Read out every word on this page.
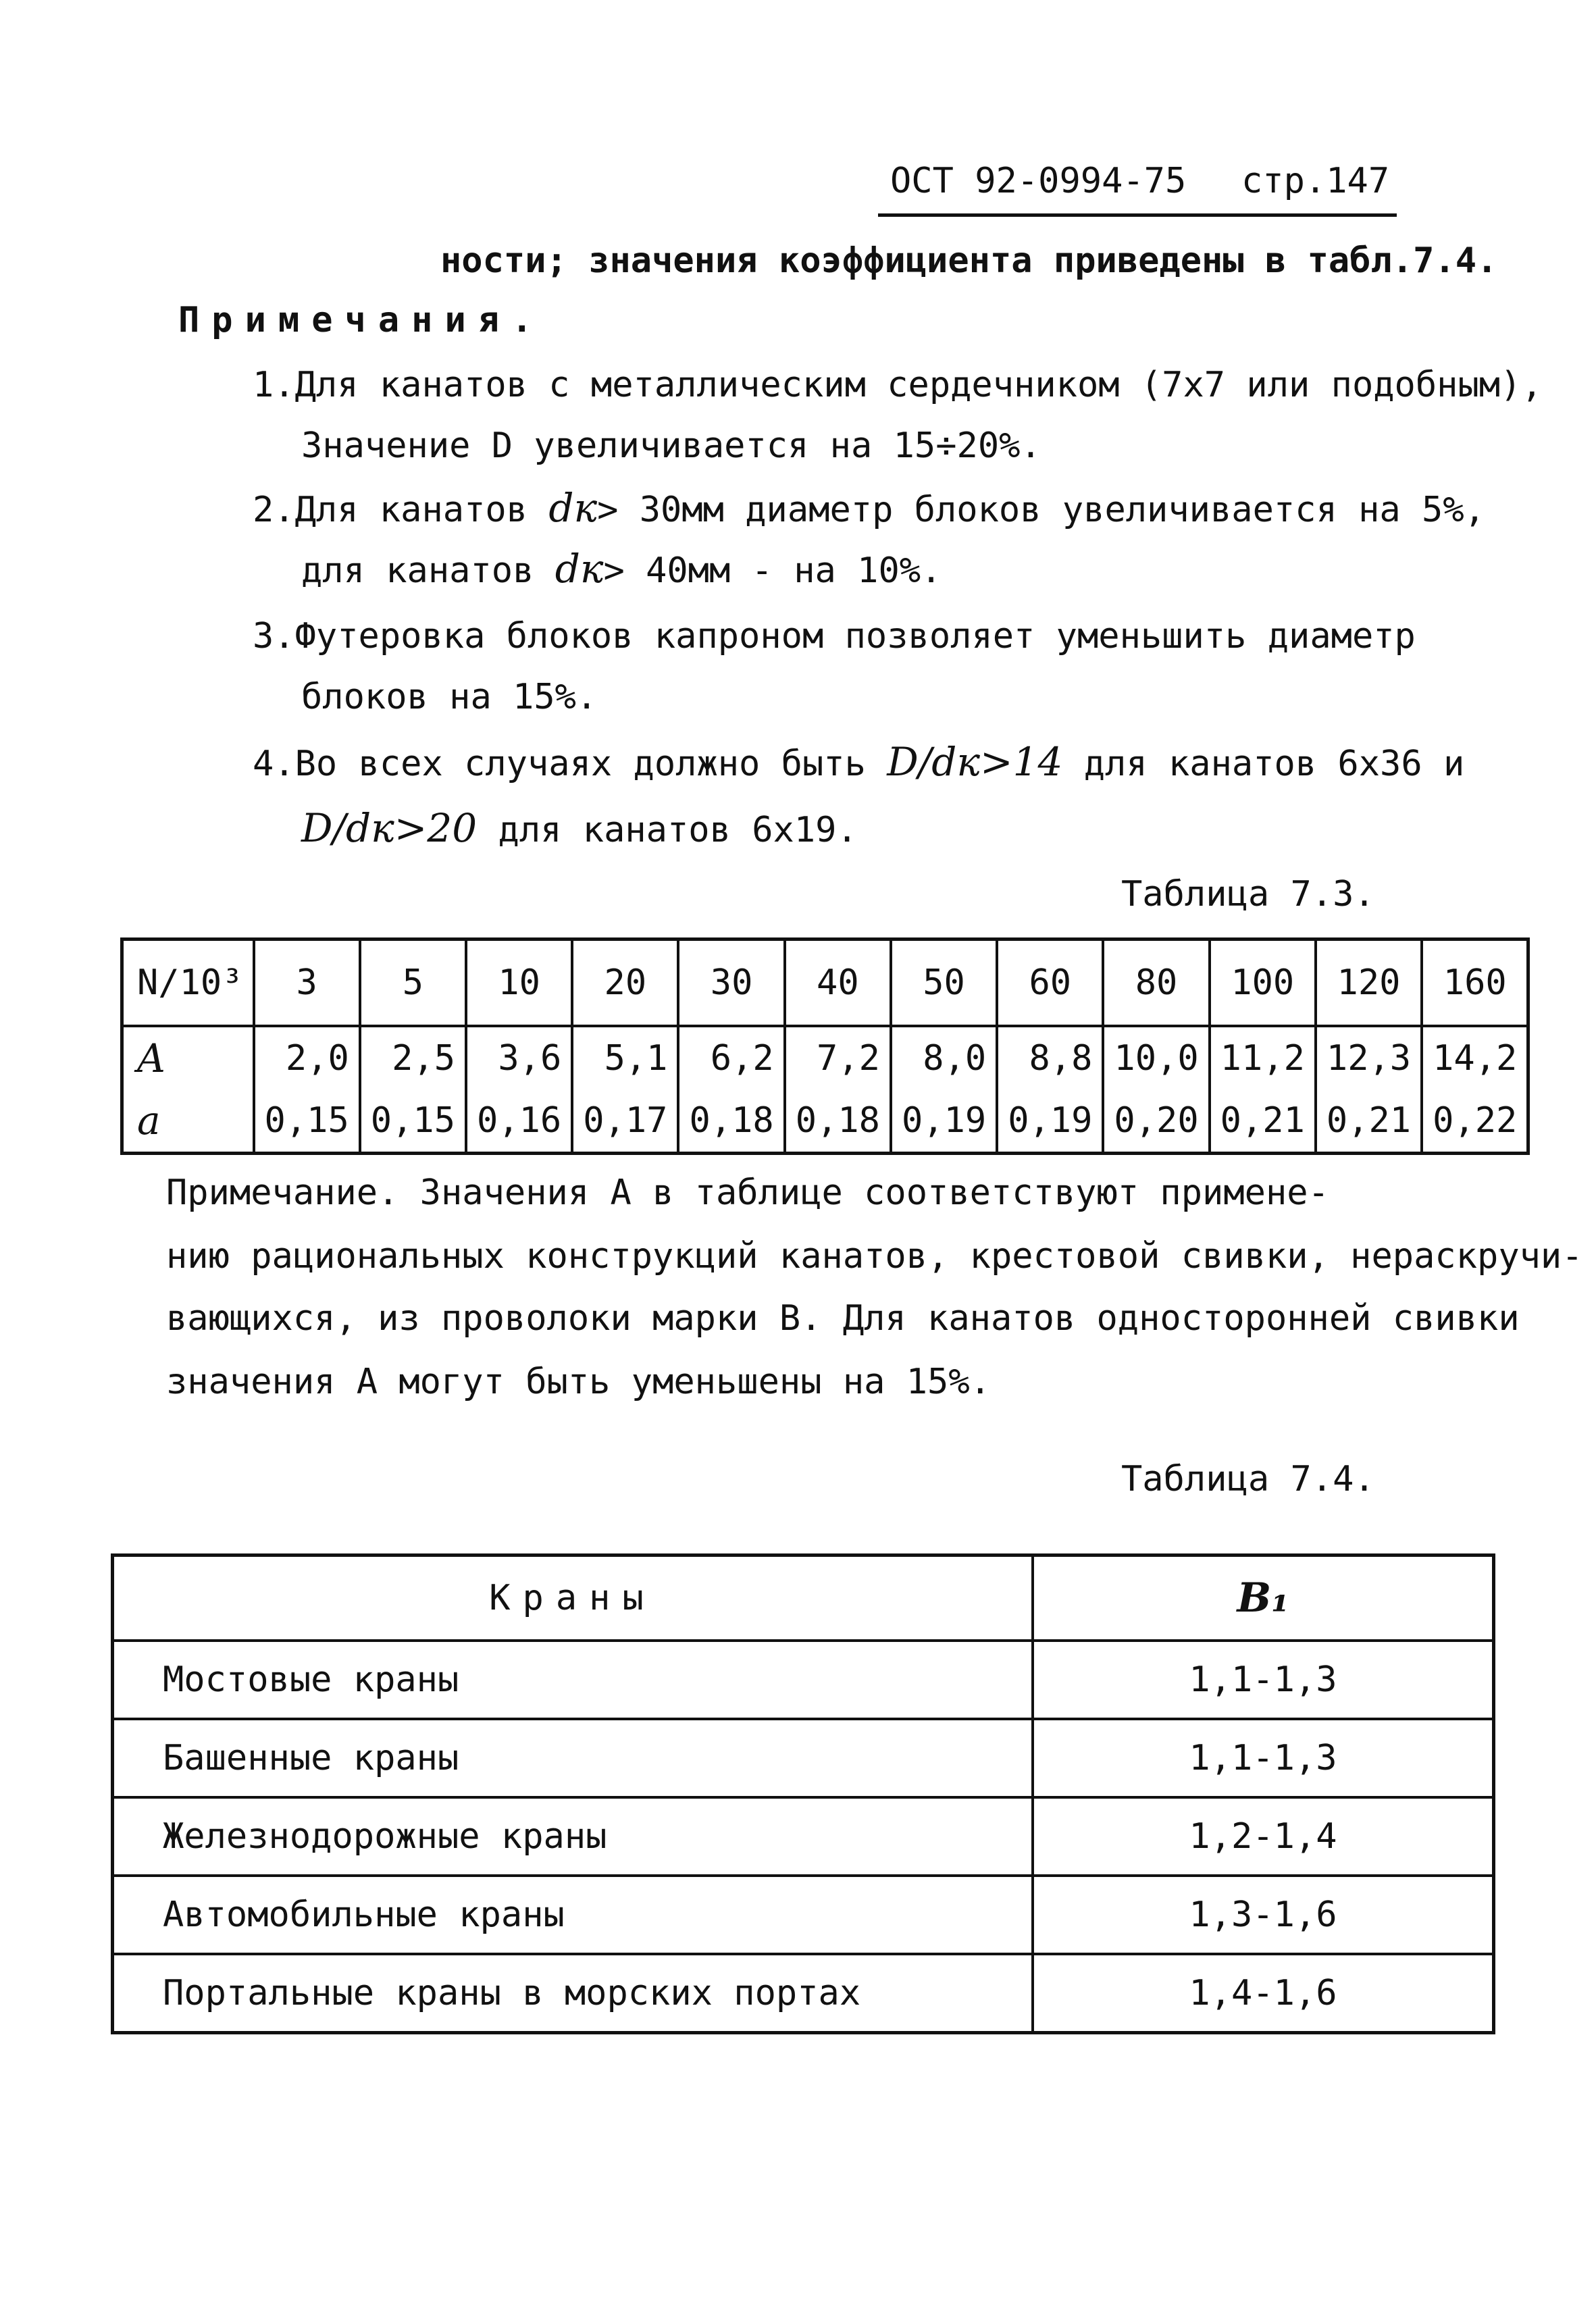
ОСТ 92-0994-75 стр.147
ности; значения коэффициента приведены в табл.7.4.
Примечания.
1.Для канатов с металлическим сердечником (7х7 или подобным),
Значение D увеличивается на 15÷20%.
2.Для канатов dк> 30мм диаметр блоков увеличивается на 5%,
для канатов dк> 40мм - на 10%.
3.Футеровка блоков капроном позволяет уменьшить диаметр
блоков на 15%.
4.Во всех случаях должно быть D/dк>14 для канатов 6х36 и
D/dк>20 для канатов 6х19.
Таблица 7.3.
N/10³	3	5	10	20	30	40	50	60	80	100	120	160
A	2,0	2,5	3,6	5,1	6,2	7,2	8,0	8,8	10,0	11,2	12,3	14,2
a	0,15	0,15	0,16	0,17	0,18	0,18	0,19	0,19	0,20	0,21	0,21	0,22
Примечание. Значения А в таблице соответствуют примене-
нию рациональных конструкций канатов, крестовой свивки, нераскручи-
вающихся, из проволоки марки В. Для канатов односторонней свивки
значения А могут быть уменьшены на 15%.
Таблица 7.4.
Краны	B₁
Мостовые краны	1,1-1,3
Башенные краны	1,1-1,3
Железнодорожные краны	1,2-1,4
Автомобильные краны	1,3-1,6
Портальные краны в морских портах	1,4-1,6
